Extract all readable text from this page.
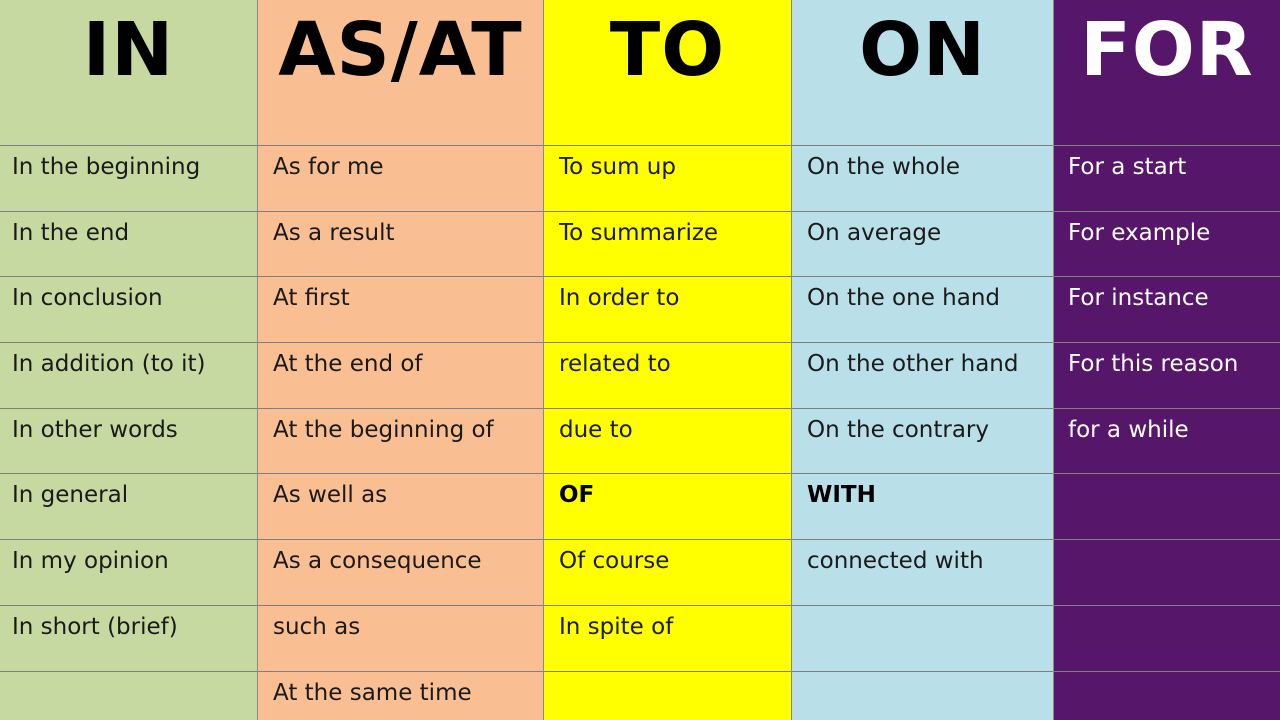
IN
In the beginning
In the end
In conclusion
In addition (to it)
In other words
In general
In my opinion
In short (brief)
AS/AT
As for me
As a result
At first
At the end of
At the beginning of
As well as
As a consequence
such as
At the same time
TO
To sum up
To summarize
In order to
related to
due to
OF
Of course
In spite of
ON
On the whole
On average
On the one hand
On the other hand
On the contrary
WITH
connected with
FOR
For a start
For example
For instance
For this reason
for a while
